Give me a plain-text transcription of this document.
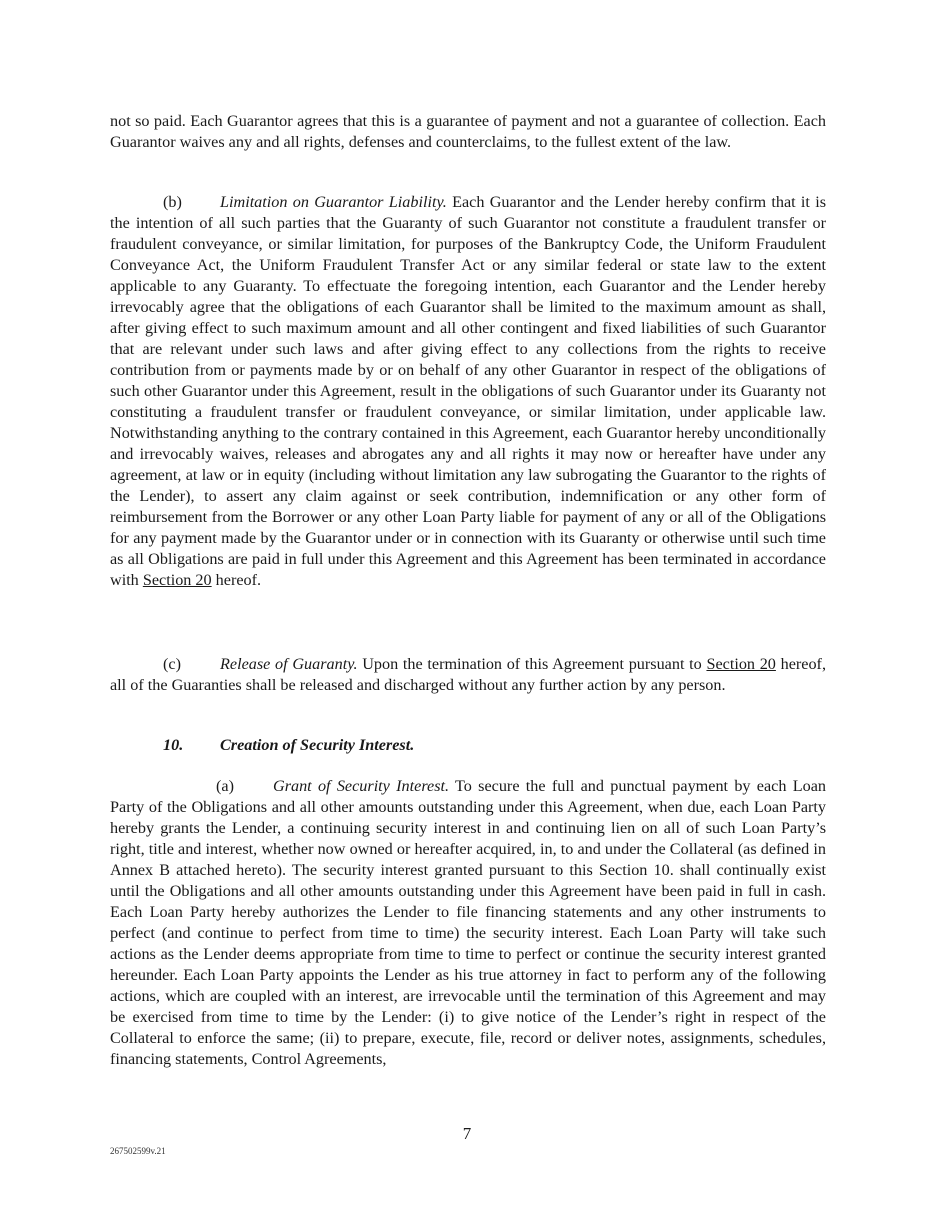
not so paid. Each Guarantor agrees that this is a guarantee of payment and not a guarantee of collection. Each Guarantor waives any and all rights, defenses and counterclaims, to the fullest extent of the law.

(b) Limitation on Guarantor Liability. Each Guarantor and the Lender hereby confirm that it is the intention of all such parties that the Guaranty of such Guarantor not constitute a fraudulent transfer or fraudulent conveyance, or similar limitation, for purposes of the Bankruptcy Code, the Uniform Fraudulent Conveyance Act, the Uniform Fraudulent Transfer Act or any similar federal or state law to the extent applicable to any Guaranty. To effectuate the foregoing intention, each Guarantor and the Lender hereby irrevocably agree that the obligations of each Guarantor shall be limited to the maximum amount as shall, after giving effect to such maximum amount and all other contingent and fixed liabilities of such Guarantor that are relevant under such laws and after giving effect to any collections from the rights to receive contribution from or payments made by or on behalf of any other Guarantor in respect of the obligations of such other Guarantor under this Agreement, result in the obligations of such Guarantor under its Guaranty not constituting a fraudulent transfer or fraudulent conveyance, or similar limitation, under applicable law. Notwithstanding anything to the contrary contained in this Agreement, each Guarantor hereby unconditionally and irrevocably waives, releases and abrogates any and all rights it may now or hereafter have under any agreement, at law or in equity (including without limitation any law subrogating the Guarantor to the rights of the Lender), to assert any claim against or seek contribution, indemnification or any other form of reimbursement from the Borrower or any other Loan Party liable for payment of any or all of the Obligations for any payment made by the Guarantor under or in connection with its Guaranty or otherwise until such time as all Obligations are paid in full under this Agreement and this Agreement has been terminated in accordance with Section 20 hereof.

(c) Release of Guaranty. Upon the termination of this Agreement pursuant to Section 20 hereof, all of the Guaranties shall be released and discharged without any further action by any person.

10. Creation of Security Interest.

(a) Grant of Security Interest. To secure the full and punctual payment by each Loan Party of the Obligations and all other amounts outstanding under this Agreement, when due, each Loan Party hereby grants the Lender, a continuing security interest in and continuing lien on all of such Loan Party’s right, title and interest, whether now owned or hereafter acquired, in, to and under the Collateral (as defined in Annex B attached hereto). The security interest granted pursuant to this Section 10. shall continually exist until the Obligations and all other amounts outstanding under this Agreement have been paid in full in cash. Each Loan Party hereby authorizes the Lender to file financing statements and any other instruments to perfect (and continue to perfect from time to time) the security interest. Each Loan Party will take such actions as the Lender deems appropriate from time to time to perfect or continue the security interest granted hereunder. Each Loan Party appoints the Lender as his true attorney in fact to perform any of the following actions, which are coupled with an interest, are irrevocable until the termination of this Agreement and may be exercised from time to time by the Lender: (i) to give notice of the Lender’s right in respect of the Collateral to enforce the same; (ii) to prepare, execute, file, record or deliver notes, assignments, schedules, financing statements, Control Agreements,

7
267502599v.21
